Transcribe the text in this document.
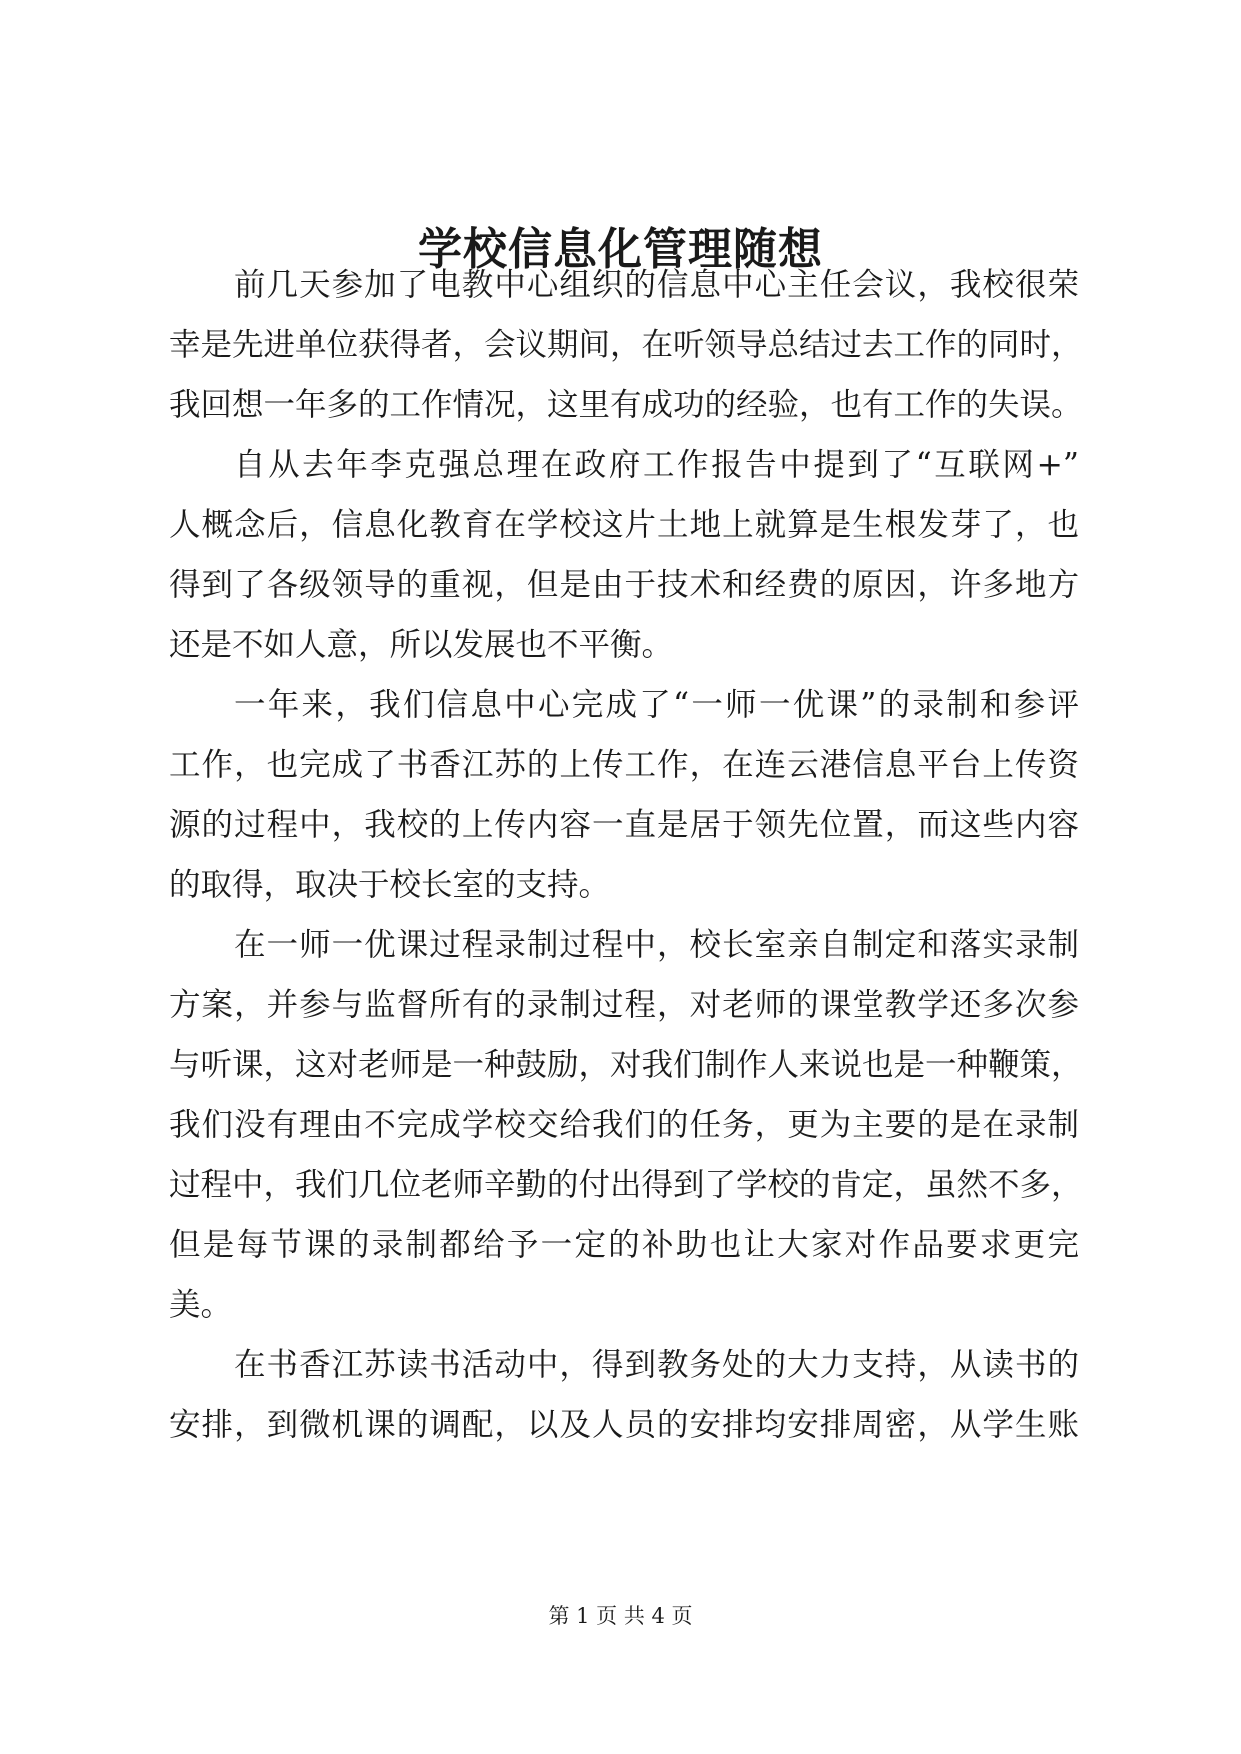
学校信息化管理随想
前几天参加了电教中心组织的信息中心主任会议，我校很荣
幸是先进单位获得者，会议期间，在听领导总结过去工作的同时，
我回想一年多的工作情况，这里有成功的经验，也有工作的失误。
自从去年李克强总理在政府工作报告中提到了“互联网+”
人概念后，信息化教育在学校这片土地上就算是生根发芽了，也
得到了各级领导的重视，但是由于技术和经费的原因，许多地方
还是不如人意，所以发展也不平衡。
一年来，我们信息中心完成了“一师一优课”的录制和参评
工作，也完成了书香江苏的上传工作，在连云港信息平台上传资
源的过程中，我校的上传内容一直是居于领先位置，而这些内容
的取得，取决于校长室的支持。
在一师一优课过程录制过程中，校长室亲自制定和落实录制
方案，并参与监督所有的录制过程，对老师的课堂教学还多次参
与听课，这对老师是一种鼓励，对我们制作人来说也是一种鞭策，
我们没有理由不完成学校交给我们的任务，更为主要的是在录制
过程中，我们几位老师辛勤的付出得到了学校的肯定，虽然不多，
但是每节课的录制都给予一定的补助也让大家对作品要求更完
美。
在书香江苏读书活动中，得到教务处的大力支持，从读书的
安排，到微机课的调配，以及人员的安排均安排周密，从学生账
第 1 页 共 4 页
